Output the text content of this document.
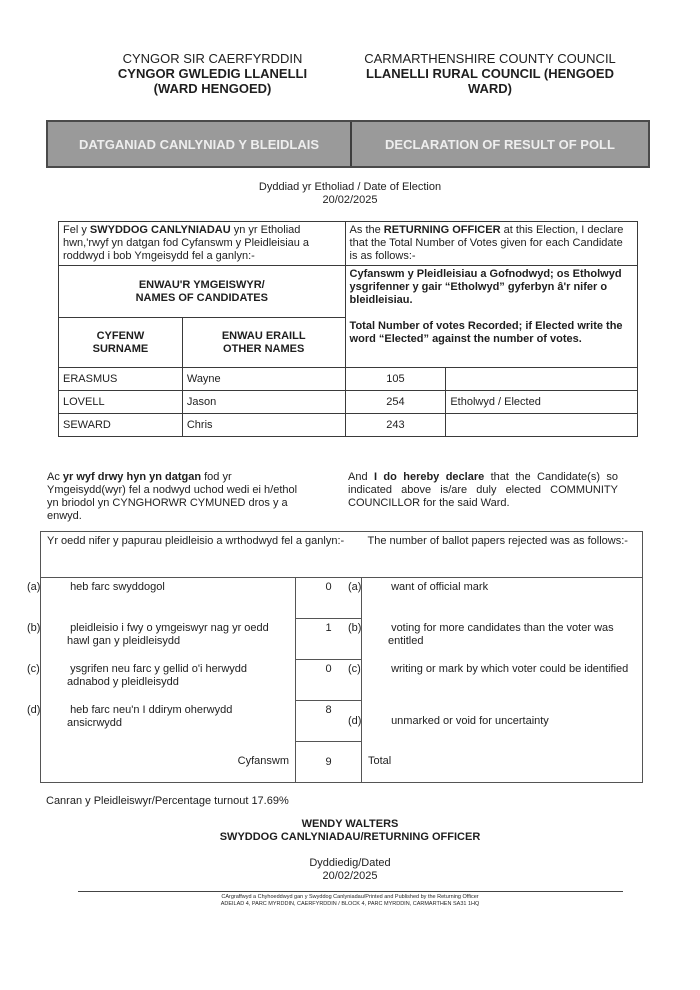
CYNGOR SIR CAERFYRDDIN
CYNGOR GWLEDIG LLANELLI
(WARD HENGOED)
CARMARTHENSHIRE COUNTY COUNCIL
LLANELLI RURAL COUNCIL (HENGOED
WARD)
DATGANIAD CANLYNIAD Y BLEIDLAIS	DECLARATION OF RESULT OF POLL
Dyddiad yr Etholiad / Date of Election
20/02/2025
Fel y SWYDDOG CANLYNIADAU yn yr Etholiad hwn,'rwyf yn datgan fod Cyfanswm y Pleidleisiau a roddwyd i bob Ymgeisydd fel a ganlyn:-		As the RETURNING OFFICER at this Election, I declare that the Total Number of Votes given for each Candidate is as follows:-	

ENWAU'R YMGEISWYR/
NAMES OF CANDIDATES

Cyfanswm y Pleidleisiau a Gofnodwyd; os Etholwyd ysgrifenner y gair “Etholwyd” gyferbyn â'r nifer o bleidleisiau.
Total Number of votes Recorded; if Elected write the word “Elected” against the number of votes.

CYFENW
SURNAME

ENWAU ERAILL
OTHER NAMES

ERASMUS	Wayne	105	
LOVELL	Jason	254	Etholwyd / Elected
SEWARD	Chris	243	
Ac yr wyf drwy hyn yn datgan fod yr Ymgeisydd(wyr) fel a nodwyd uchod wedi ei h/ethol yn briodol yn CYNGHORWR CYMUNED dros y a enwyd.
And I do hereby declare that the Candidate(s) so indicated above is/are duly elected COMMUNITY COUNCILLOR for the said Ward.
Yr oedd nifer y papurau pleidleisio a wrthodwyd fel a ganlyn:-		The number of ballot papers rejected was as follows:-

(a) heb farc swyddogol	0	(a) want of official mark

(b) pleidleisio i fwy o ymgeiswyr nag yr oedd hawl gan y pleidleisydd	1	(b) voting for more candidates than the voter was entitled

(c) ysgrifen neu farc y gellid o'i herwydd adnabod y pleidleisydd	0	(c) writing or mark by which voter could be identified

(d) heb farc neu'n I ddirym oherwydd ansicrwydd	8	(d) unmarked or void for uncertainty

Cyfanswm	9	Total
Canran y Pleidleiswyr/Percentage turnout 17.69%
WENDY WALTERS
SWYDDOG CANLYNIADAU/RETURNING OFFICER
Dyddiedig/Dated
20/02/2025
CArgraffwyd a Chyhoeddwyd gan y Swyddog Canlyniadau/Printed and Published by the Returning Officer
ADEILAD 4, PARC MYRDDIN, CAERFYRDDIN / BLOCK 4, PARC MYRDDIN, CARMARTHEN SA31 1HQ
